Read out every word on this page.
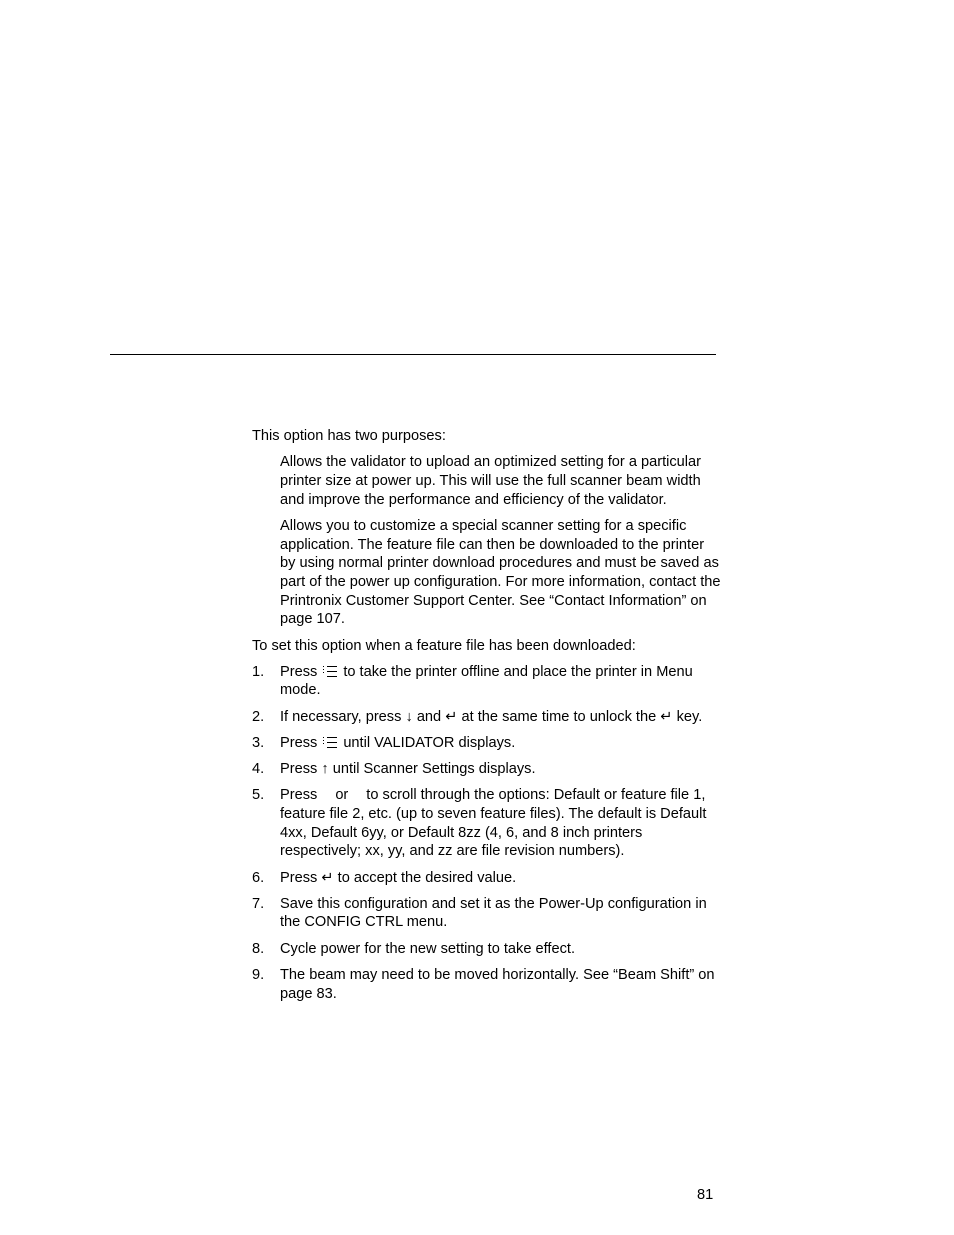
This option has two purposes:

Allows the validator to upload an optimized setting for a particular printer size at power up. This will use the full scanner beam width and improve the performance and efficiency of the validator.

Allows you to customize a special scanner setting for a specific application. The feature file can then be downloaded to the printer by using normal printer download procedures and must be saved as part of the power up configuration. For more information, contact the Printronix Customer Support Center. See “Contact Information” on page 107.

To set this option when a feature file has been downloaded:

1. Press to take the printer offline and place the printer in Menu mode.
2. If necessary, press ↓ and ↵ at the same time to unlock the ↵ key.
3. Press until VALIDATOR displays.
4. Press ↑ until Scanner Settings displays.
5. Press or to scroll through the options: Default or feature file 1, feature file 2, etc. (up to seven feature files). The default is Default 4xx, Default 6yy, or Default 8zz (4, 6, and 8 inch printers respectively; xx, yy, and zz are file revision numbers).
6. Press ↵ to accept the desired value.
7. Save this configuration and set it as the Power-Up configuration in the CONFIG CTRL menu.
8. Cycle power for the new setting to take effect.
9. The beam may need to be moved horizontally. See “Beam Shift” on page 83.
81
